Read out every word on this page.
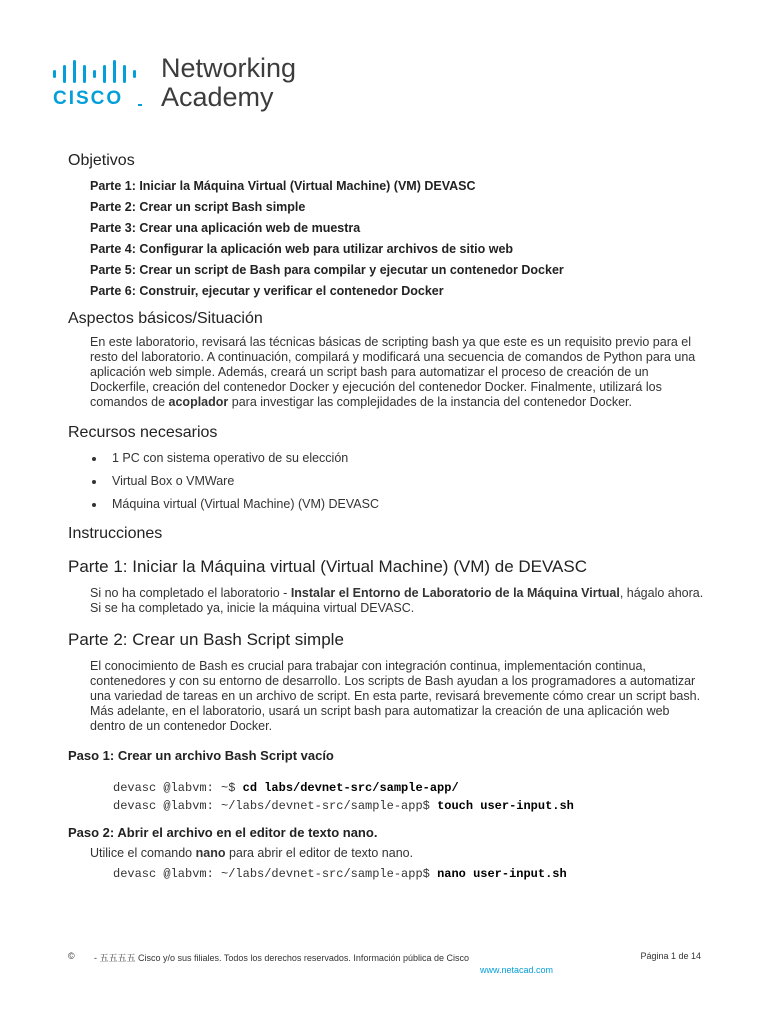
CISCO
Networking
Academy
Objetivos
Parte 1: Iniciar la Máquina Virtual (Virtual Machine) (VM) DEVASC
Parte 2: Crear un script Bash simple
Parte 3: Crear una aplicación web de muestra
Parte 4: Configurar la aplicación web para utilizar archivos de sitio web
Parte 5: Crear un script de Bash para compilar y ejecutar un contenedor Docker
Parte 6: Construir, ejecutar y verificar el contenedor Docker
Aspectos básicos/Situación

En este laboratorio, revisará las técnicas básicas de scripting bash ya que este es un requisito previo para el resto del laboratorio. A continuación, compilará y modificará una secuencia de comandos de Python para una aplicación web simple. Además, creará un script bash para automatizar el proceso de creación de un Dockerfile, creación del contenedor Docker y ejecución del contenedor Docker. Finalmente, utilizará los comandos de acoplador para investigar las complejidades de la instancia del contenedor Docker.

Recursos necesarios
1 PC con sistema operativo de su elección
Virtual Box o VMWare
Máquina virtual (Virtual Machine) (VM) DEVASC
Instrucciones
Parte 1: Iniciar la Máquina virtual (Virtual Machine) (VM) de DEVASC

Si no ha completado el laboratorio - Instalar el Entorno de Laboratorio de la Máquina Virtual, hágalo ahora. Si se ha completado ya, inicie la máquina virtual DEVASC.

Parte 2: Crear un Bash Script simple

El conocimiento de Bash es crucial para trabajar con integración continua, implementación continua, contenedores y con su entorno de desarrollo. Los scripts de Bash ayudan a los programadores a automatizar una variedad de tareas en un archivo de script. En esta parte, revisará brevemente cómo crear un script bash. Más adelante, en el laboratorio, usará un script bash para automatizar la creación de una aplicación web dentro de un contenedor Docker.

Paso 1: Crear un archivo Bash Script vacío
devasc @labvm: ~$ cd labs/devnet-src/sample-app/
devasc @labvm: ~/labs/devnet-src/sample-app$ touch user-input.sh
Paso 2: Abrir el archivo en el editor de texto nano.

Utilice el comando nano para abrir el editor de texto nano.

devasc @labvm: ~/labs/devnet-src/sample-app$ nano user-input.sh
© - 五五五五 Cisco y/o sus filiales. Todos los derechos reservados. Información pública de Cisco	Página 1 de 14
www.netacad.com
